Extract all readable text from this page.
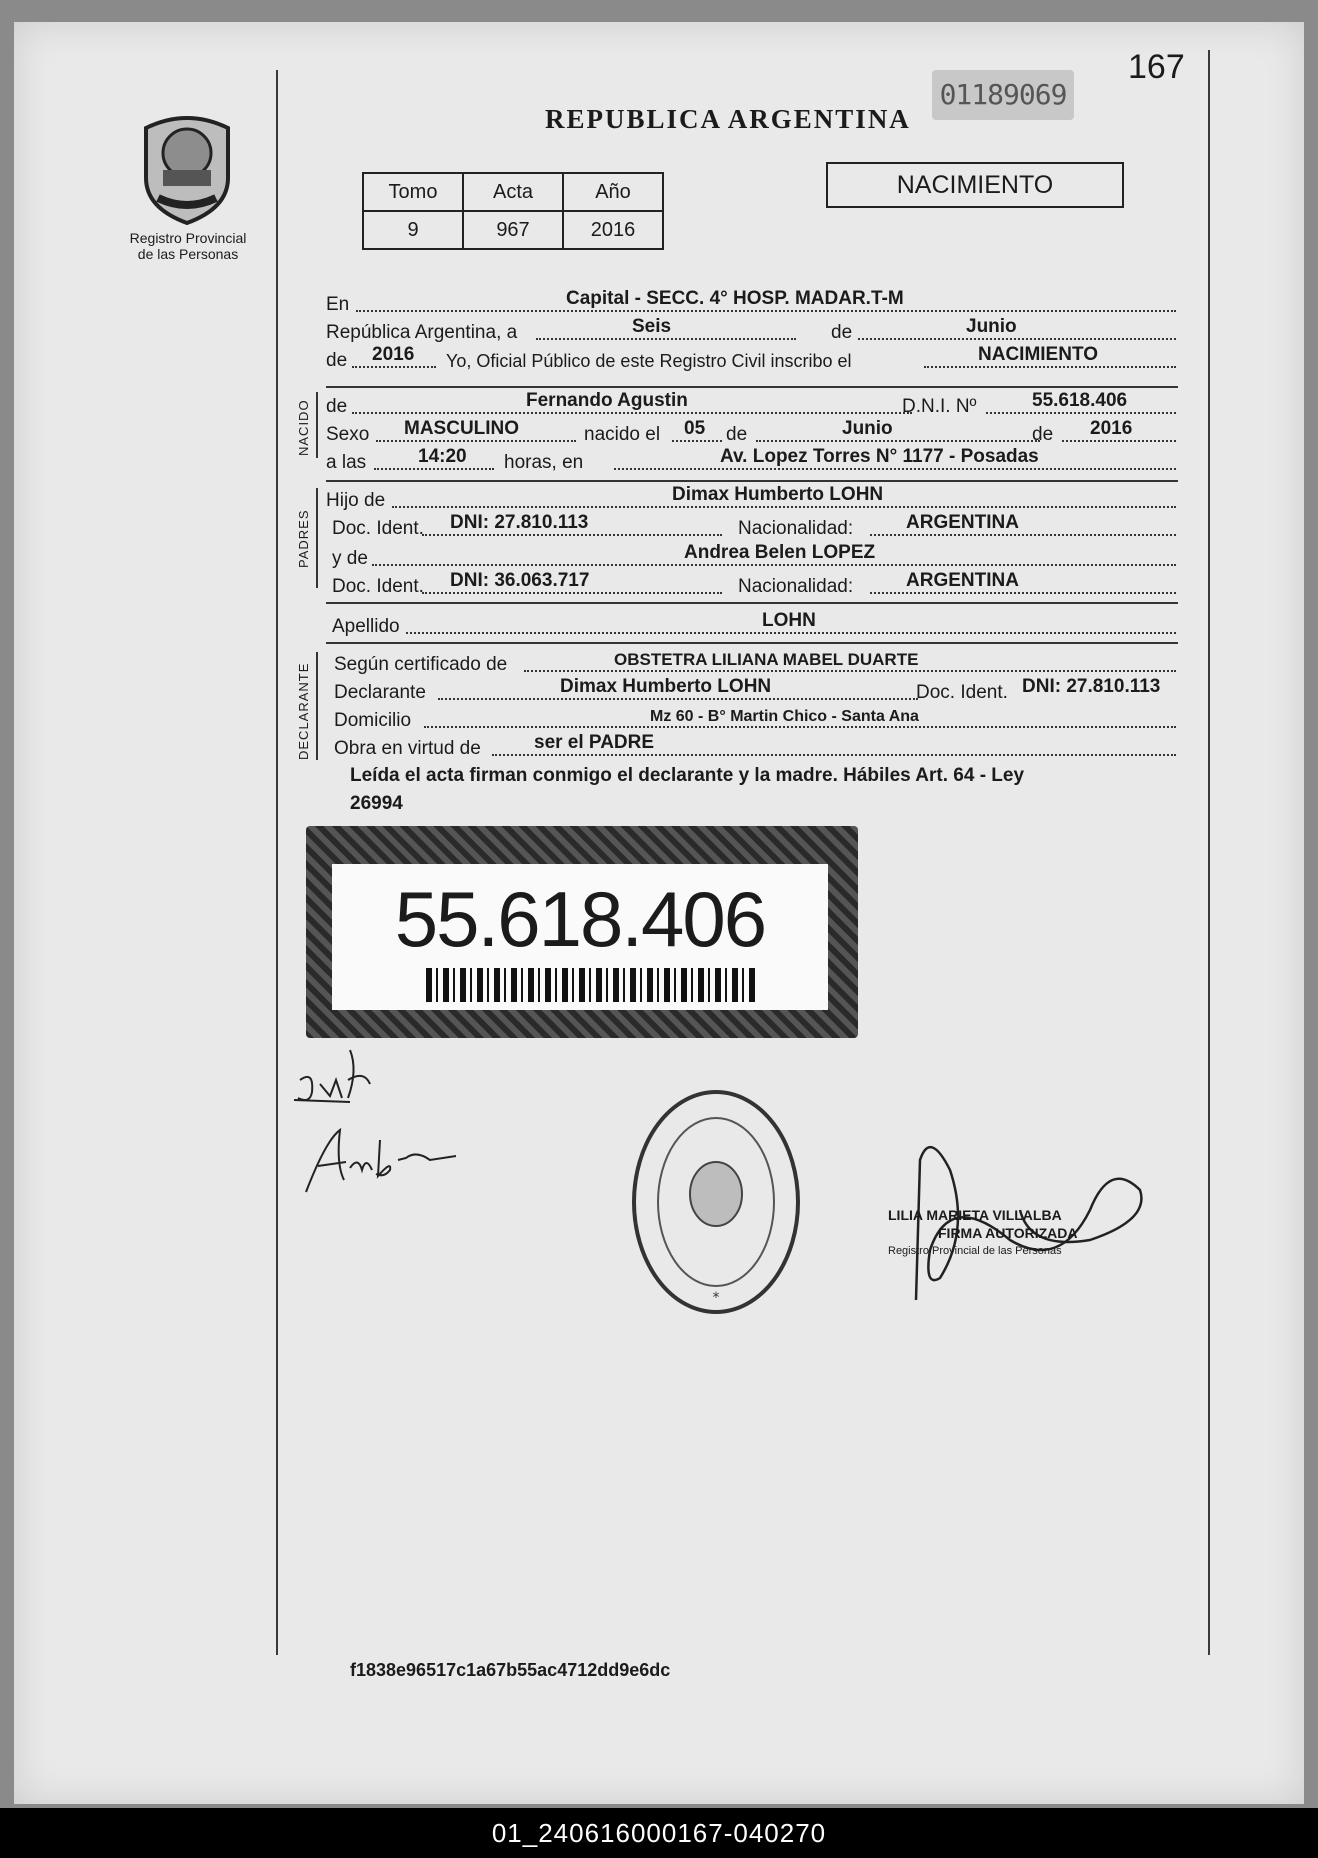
167
01189069
REPUBLICA ARGENTINA
Registro Provincial
de las Personas
Tomo	Acta	Año
9	967	2016
NACIMIENTO
En	Capital - SECC. 4° HOSP. MADAR.T-M
República Argentina, a	Seis	de	Junio
de 2016 Yo, Oficial Público de este Registro Civil inscribo el	NACIMIENTO
NACIDO de	Fernando Agustin	D.N.I. Nº	55.618.406
Sexo MASCULINO	nacido el 05 de	Junio	de 2016
a las	14:20 horas, en	Av. Lopez Torres N° 1177 - Posadas
PADRES
Hijo de	Dimax Humberto LOHN
Doc. Ident. DNI: 27.810.113	Nacionalidad:	ARGENTINA
y de	Andrea Belen LOPEZ
Doc. Ident. DNI: 36.063.717	Nacionalidad:	ARGENTINA
Apellido	LOHN
DECLARANTE Según certificado de	OBSTETRA LILIANA MABEL DUARTE
Declarante	Dimax Humberto LOHN	Doc. Ident. DNI: 27.810.113
Domicilio	Mz 60 - B° Martin Chico - Santa Ana
Obra en virtud de	ser el PADRE
Leída el acta firman conmigo el declarante y la madre. Hábiles Art. 64 - Ley
26994
55.618.406
*
LILIA MARIETA VILLALBA
FIRMA AUTORIZADA
Registro Provincial de las Personas
f1838e96517c1a67b55ac4712dd9e6dc
01_240616000167-040270
